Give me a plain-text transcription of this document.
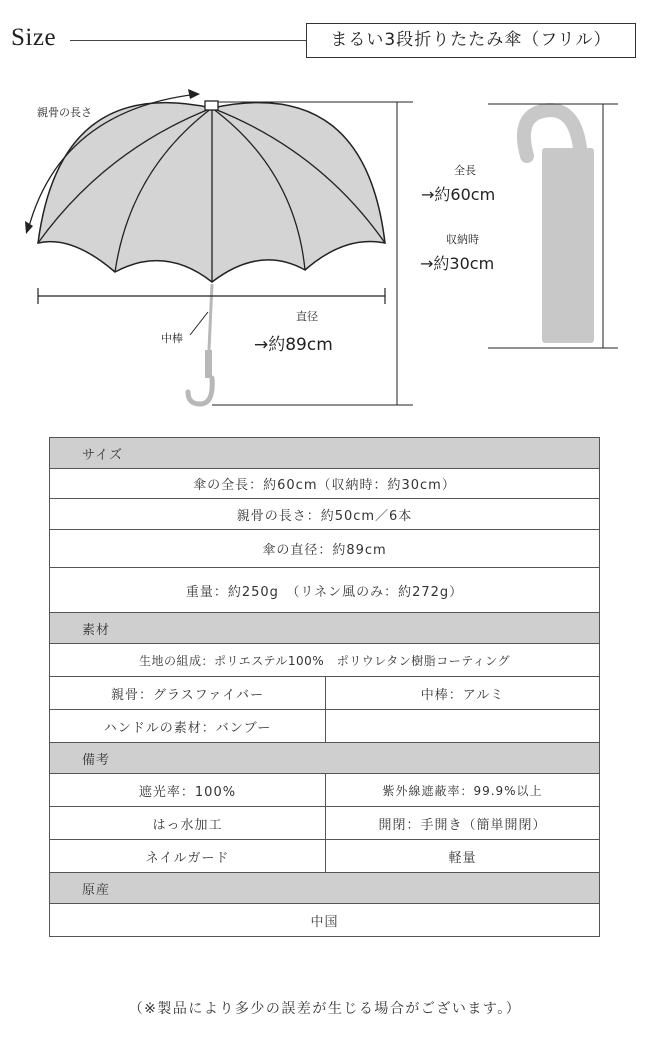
Size	まるい3段折りたたみ傘（フリル）
親骨の長さ
直径
→約89cm
中棒
全長
→約60cm
収納時
→約30cm
サイズ	
傘の全長：約60cm（収納時：約30cm）	
親骨の長さ：約50cm／6本	
傘の直径：約89cm	
重量：約250g　（リネン風のみ：約272g）	
素材	
生地の組成：ポリエステル100%　ポリウレタン樹脂コーティング	
親骨：グラスファイバー	中棒：アルミ
ハンドルの素材：バンブー	
備考	
遮光率：100%	紫外線遮蔽率：99.9%以上
はっ水加工	開閉：手開き（簡単開閉）
ネイルガード	軽量
原産	
中国	
（※製品により多少の誤差が生じる場合がございます。）
